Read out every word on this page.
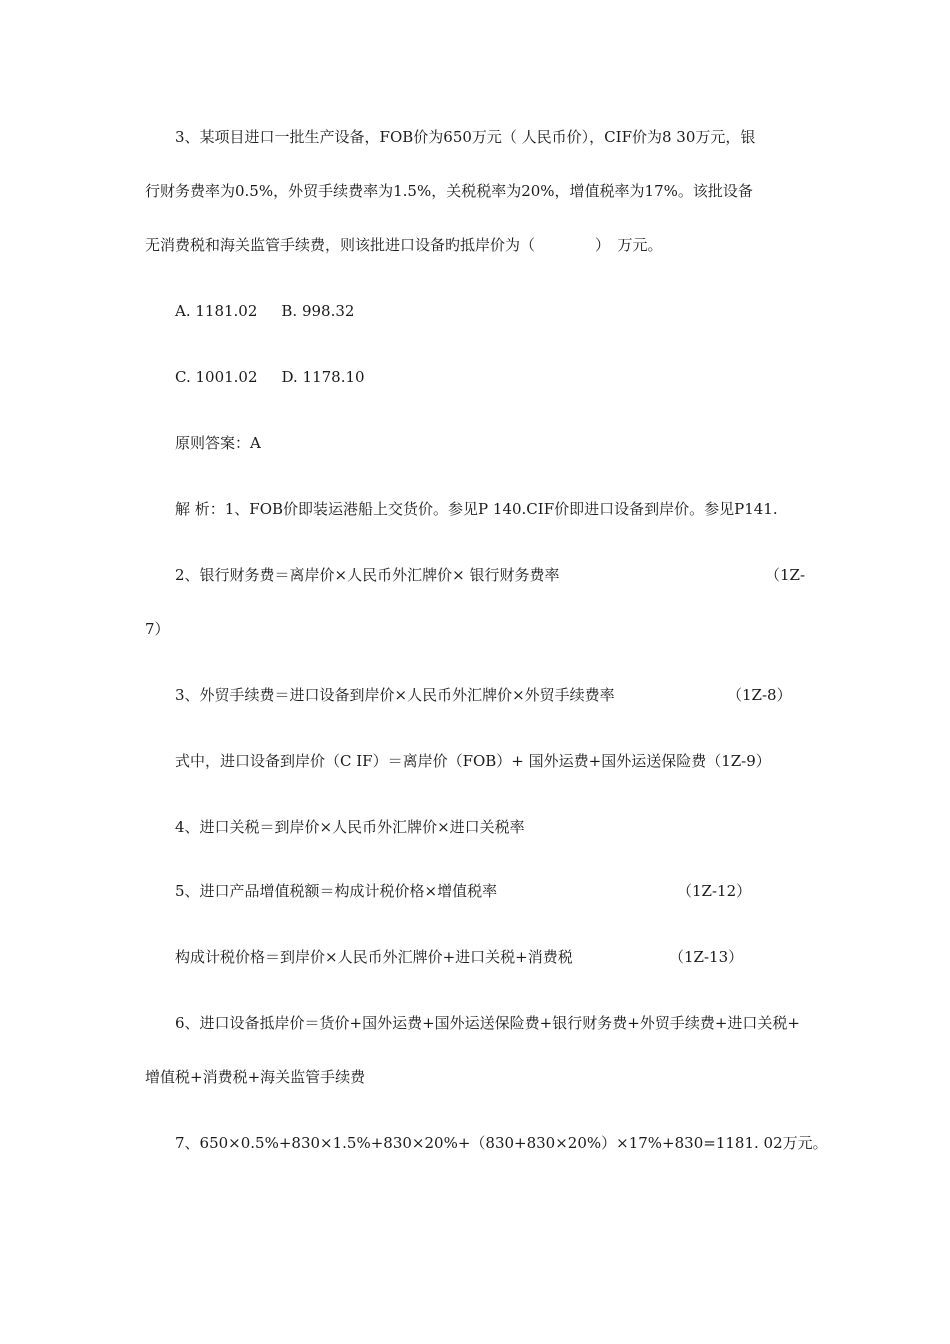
3、某项目进口一批生产设备，FOB价为650万元（ 人民币价），CIF价为8 30万元，银
行财务费率为0.5%，外贸手续费率为1.5%，关税税率为20%，增值税率为17%。该批设备
无消费税和海关监管手续费，则该批进口设备旳抵岸价为（　　　　）　万元。
A. 1181.02 B. 998.32
C. 1001.02 D. 1178.10
原则答案：A
解 析：1、FOB价即装运港船上交货价。参见P 140.CIF价即进口设备到岸价。参见P141.
2、银行财务费＝离岸价×人民币外汇牌价× 银行财务费率	（1Z-
7）
3、外贸手续费＝进口设备到岸价×人民币外汇牌价×外贸手续费率	（1Z-8）
式中，进口设备到岸价（C IF）＝离岸价（FOB）+ 国外运费+国外运送保险费（1Z-9）
4、进口关税＝到岸价×人民币外汇牌价×进口关税率
5、进口产品增值税额＝构成计税价格×增值税率	（1Z-12）
构成计税价格＝到岸价×人民币外汇牌价+进口关税+消费税	（1Z-13）
6、进口设备抵岸价＝货价+国外运费+国外运送保险费+银行财务费+外贸手续费+进口关税+
增值税+消费税+海关监管手续费
7、650×0.5%+830×1.5%+830×20%+（830+830×20%）×17%+830=1181. 02万元。
